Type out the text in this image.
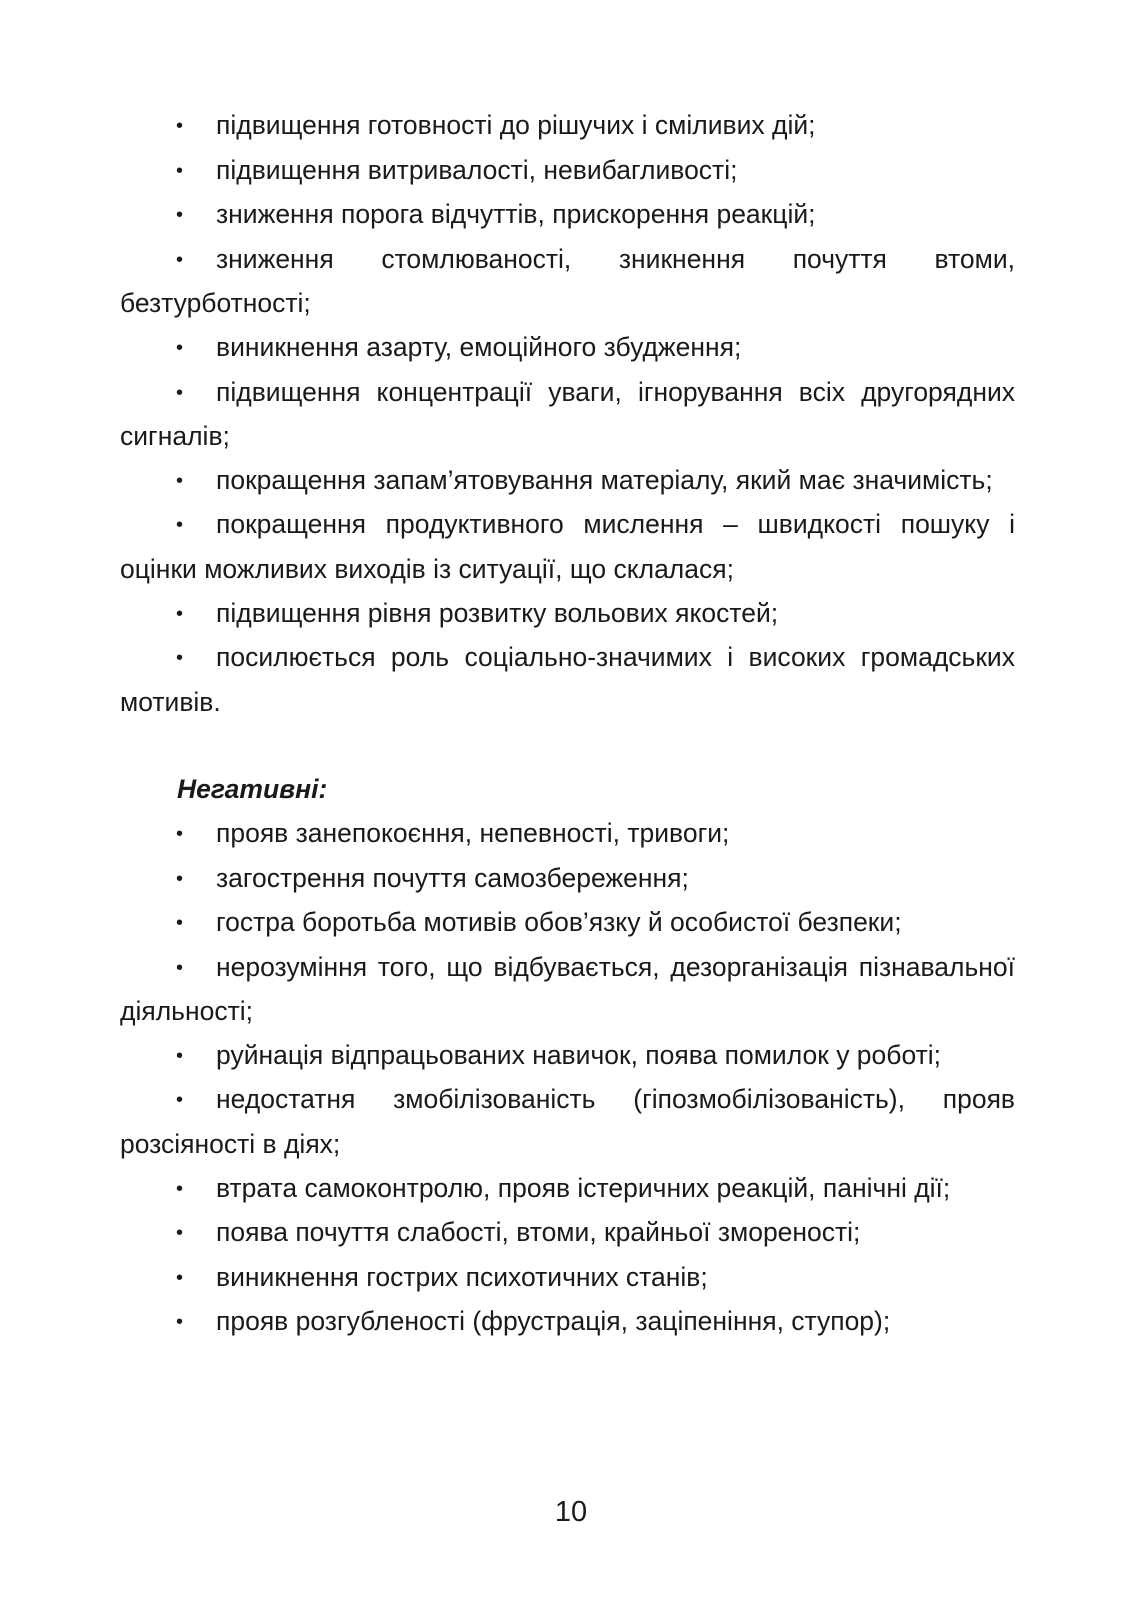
• підвищення готовності до рішучих і сміливих дій;

• підвищення витривалості, невибагливості;

• зниження порога відчуттів, прискорення реакцій;

• зниження стомлюваності, зникнення почуття втоми, безтурботності;

• виникнення азарту, емоційного збудження;

• підвищення концентрації уваги, ігнорування всіх другорядних сигналів;

• покращення запам’ятовування матеріалу, який має значимість;

• покращення продуктивного мислення – швидкості пошуку і оцінки можливих виходів із ситуації, що склалася;

• підвищення рівня розвитку вольових якостей;

• посилюється роль соціально-значимих і високих громадських мотивів.

Негативні:

• прояв занепокоєння, непевності, тривоги;

• загострення почуття самозбереження;

• гостра боротьба мотивів обов’язку й особистої безпеки;

• нерозуміння того, що відбувається, дезорганізація пізнавальної діяльності;

• руйнація відпрацьованих навичок, поява помилок у роботі;

• недостатня змобілізованість (гіпозмобілізованість), прояв розсіяності в діях;

• втрата самоконтролю, прояв істеричних реакцій, панічні дії;

• поява почуття слабості, втоми, крайньої змореності;

• виникнення гострих психотичних станів;

• прояв розгубленості (фрустрація, заціпеніння, ступор);

10
